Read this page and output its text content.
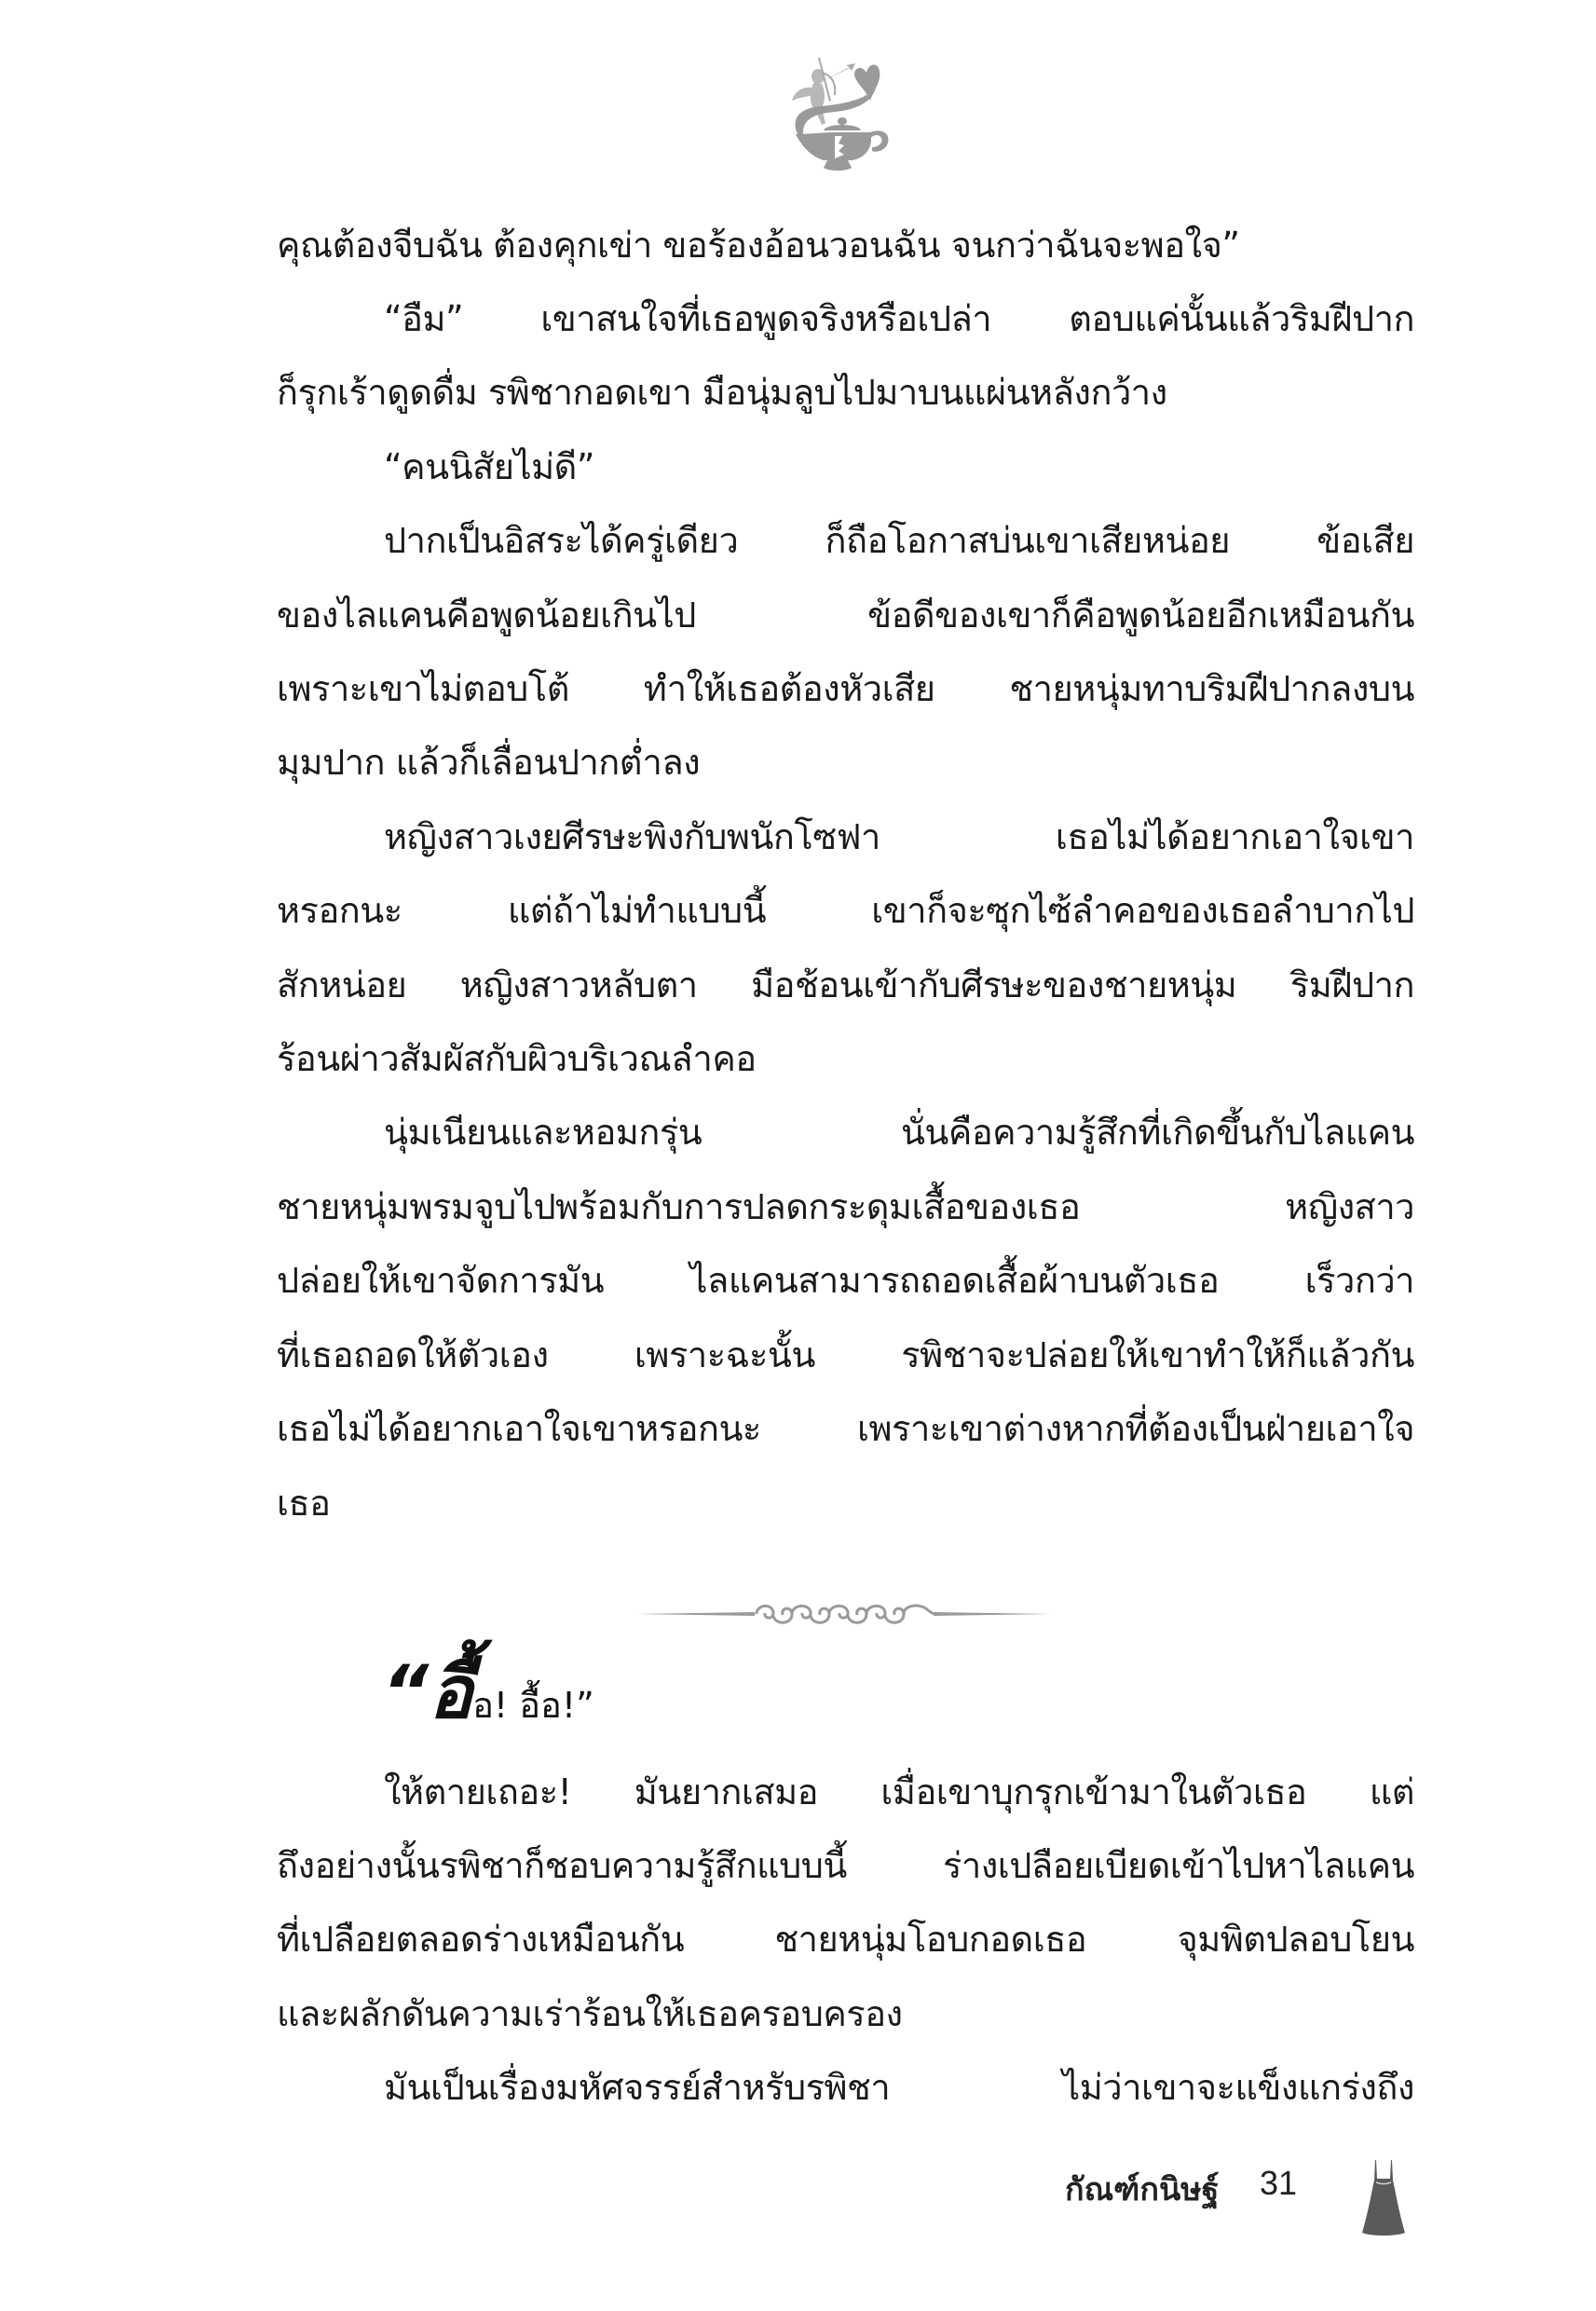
คุณต้องจีบฉัน ต้องคุกเข่า ขอร้องอ้อนวอนฉัน จนกว่าฉันจะพอใจ”
“อืม” เขาสนใจที่เธอพูดจริงหรือเปล่า ตอบแค่นั้นแล้วริมฝีปาก
ก็รุกเร้าดูดดื่ม รพิชากอดเขา มือนุ่มลูบไปมาบนแผ่นหลังกว้าง
“คนนิสัยไม่ดี”
ปากเป็นอิสระได้ครู่เดียว ก็ถือโอกาสบ่นเขาเสียหน่อย ข้อเสีย
ของไลแคนคือพูดน้อยเกินไป ข้อดีของเขาก็คือพูดน้อยอีกเหมือนกัน
เพราะเขาไม่ตอบโต้ ทำให้เธอต้องหัวเสีย ชายหนุ่มทาบริมฝีปากลงบน
มุมปาก แล้วก็เลื่อนปากต่ำลง
หญิงสาวเงยศีรษะพิงกับพนักโซฟา เธอไม่ได้อยากเอาใจเขา
หรอกนะ แต่ถ้าไม่ทำแบบนี้ เขาก็จะซุกไซ้ลำคอของเธอลำบากไป
สักหน่อย หญิงสาวหลับตา มือช้อนเข้ากับศีรษะของชายหนุ่ม ริมฝีปาก
ร้อนผ่าวสัมผัสกับผิวบริเวณลำคอ
นุ่มเนียนและหอมกรุ่น นั่นคือความรู้สึกที่เกิดขึ้นกับไลแคน
ชายหนุ่มพรมจูบไปพร้อมกับการปลดกระดุมเสื้อของเธอ หญิงสาว
ปล่อยให้เขาจัดการมัน ไลแคนสามารถถอดเสื้อผ้าบนตัวเธอ เร็วกว่า
ที่เธอถอดให้ตัวเอง เพราะฉะนั้น รพิชาจะปล่อยให้เขาทำให้ก็แล้วกัน
เธอไม่ได้อยากเอาใจเขาหรอกนะ เพราะเขาต่างหากที่ต้องเป็นฝ่ายเอาใจ
เธอ
“อื้อ! อื้อ!”
ให้ตายเถอะ! มันยากเสมอ เมื่อเขาบุกรุกเข้ามาในตัวเธอ แต่
ถึงอย่างนั้นรพิชาก็ชอบความรู้สึกแบบนี้ ร่างเปลือยเบียดเข้าไปหาไลแคน
ที่เปลือยตลอดร่างเหมือนกัน ชายหนุ่มโอบกอดเธอ จุมพิตปลอบโยน
และผลักดันความเร่าร้อนให้เธอครอบครอง
มันเป็นเรื่องมหัศจรรย์สำหรับรพิชา ไม่ว่าเขาจะแข็งแกร่งถึง
กัณฑ์กนิษฐ์ 31
